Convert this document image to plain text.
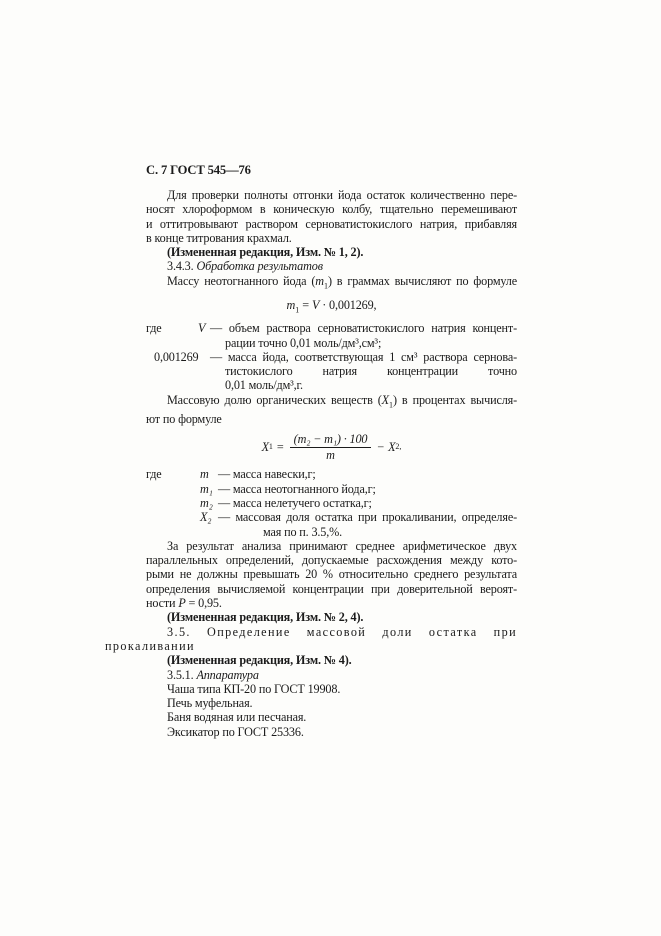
С. 7 ГОСТ 545—76
Для проверки полноты отгонки йода остаток количественно пере-
носят хлороформом в коническую колбу, тщательно перемешивают
и оттитровывают раствором серноватистокислого натрия, прибавляя
в конце титрования крахмал.
(Измененная редакция, Изм. № 1, 2).
3.4.3. Обработка результатов
Массу неотогнанного йода $(m_1)$ в граммах вычисляют по формуле
$m_1 = V \cdot 0,001269$,
где	V — объем раствора серноватистокислого натрия концент-
рации точно 0,01 моль/дм³,см³;
0,001269 — масса йода, соответствующая 1 см³ раствора сернова-
тистокислого натрия концентрации точно
0,01 моль/дм³,г.
Массовую долю органических веществ $(X_1)$ в процентах вычисля-
ют по формуле
X $1 = \frac{\text{(m₂ − m₁) · 100}}{m} - X$ 2,
где	m — масса навески,г;
m₁ — масса неотогнанного йода,г;
m₂ — масса нелетучего остатка,г;
X₂ — массовая доля остатка при прокаливании, определяе-
мая по п. 3.5,%.
За результат анализа принимают среднее арифметическое двух
параллельных определений, допускаемые расхождения между кото-
рыми не должны превышать 20 % относительно среднего результата
определения вычисляемой концентрации при доверительной вероят-
ности P = 0,95.
(Измененная редакция, Изм. № 2, 4).
3.5. Определение массовой доли остатка при
прокаливании
(Измененная редакция, Изм. № 4).
3.5.1. Аппаратура
Чаша типа КП-20 по ГОСТ 19908.
Печь муфельная.
Баня водяная или песчаная.
Эксикатор по ГОСТ 25336.
